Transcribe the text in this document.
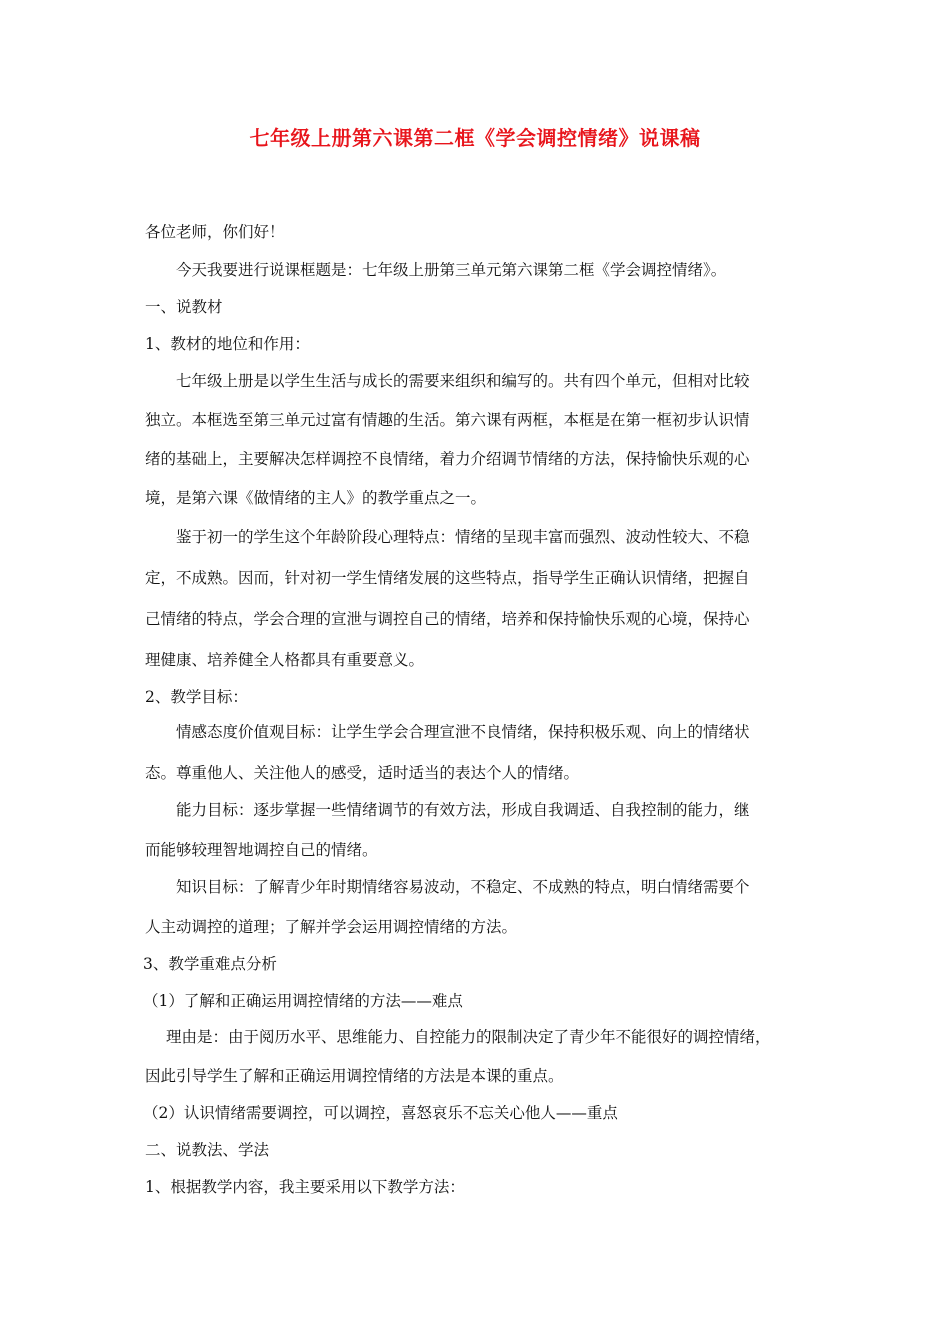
七年级上册第六课第二框《学会调控情绪》说课稿
各位老师，你们好！
今天我要进行说课框题是：七年级上册第三单元第六课第二框《学会调控情绪》。
一、说教材
1、教材的地位和作用：
七年级上册是以学生生活与成长的需要来组织和编写的。共有四个单元，但相对比较
独立。本框选至第三单元过富有情趣的生活。第六课有两框，本框是在第一框初步认识情
绪的基础上，主要解决怎样调控不良情绪，着力介绍调节情绪的方法，保持愉快乐观的心
境，是第六课《做情绪的主人》的教学重点之一。
鉴于初一的学生这个年龄阶段心理特点：情绪的呈现丰富而强烈、波动性较大、不稳
定，不成熟。因而，针对初一学生情绪发展的这些特点，指导学生正确认识情绪，把握自
己情绪的特点，学会合理的宣泄与调控自己的情绪，培养和保持愉快乐观的心境，保持心
理健康、培养健全人格都具有重要意义。
2、教学目标：
情感态度价值观目标：让学生学会合理宣泄不良情绪，保持积极乐观、向上的情绪状
态。尊重他人、关注他人的感受，适时适当的表达个人的情绪。
能力目标：逐步掌握一些情绪调节的有效方法，形成自我调适、自我控制的能力，继
而能够较理智地调控自己的情绪。
知识目标：了解青少年时期情绪容易波动，不稳定、不成熟的特点，明白情绪需要个
人主动调控的道理；了解并学会运用调控情绪的方法。
3、教学重难点分析
（1）了解和正确运用调控情绪的方法——难点
理由是：由于阅历水平、思维能力、自控能力的限制决定了青少年不能很好的调控情绪，
因此引导学生了解和正确运用调控情绪的方法是本课的重点。
（2）认识情绪需要调控，可以调控，喜怒哀乐不忘关心他人——重点
二、说教法、学法
1、根据教学内容，我主要采用以下教学方法：
